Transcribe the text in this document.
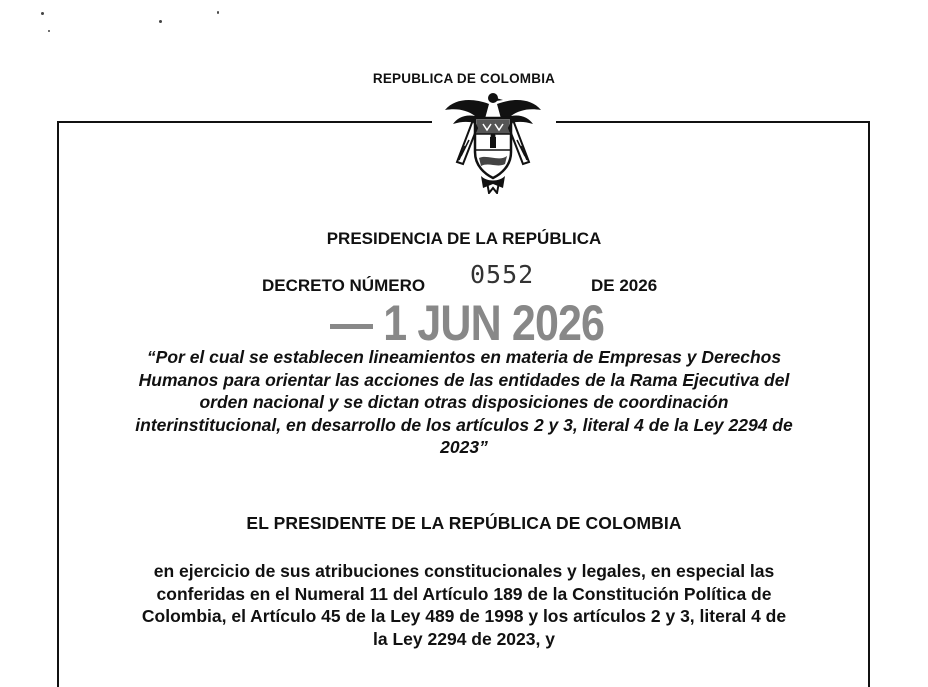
REPUBLICA DE COLOMBIA
PRESIDENCIA DE LA REPÚBLICA
DECRETO NÚMERO 0552	DE 2026
— 1 JUN 2026
“Por el cual se establecen lineamientos en materia de Empresas y Derechos
Humanos para orientar las acciones de las entidades de la Rama Ejecutiva del
orden nacional y se dictan otras disposiciones de coordinación
interinstitucional, en desarrollo de los artículos 2 y 3, literal 4 de la Ley 2294 de
2023”
EL PRESIDENTE DE LA REPÚBLICA DE COLOMBIA
en ejercicio de sus atribuciones constitucionales y legales, en especial las
conferidas en el Numeral 11 del Artículo 189 de la Constitución Política de
Colombia, el Artículo 45 de la Ley 489 de 1998 y los artículos 2 y 3, literal 4 de
la Ley 2294 de 2023, y
